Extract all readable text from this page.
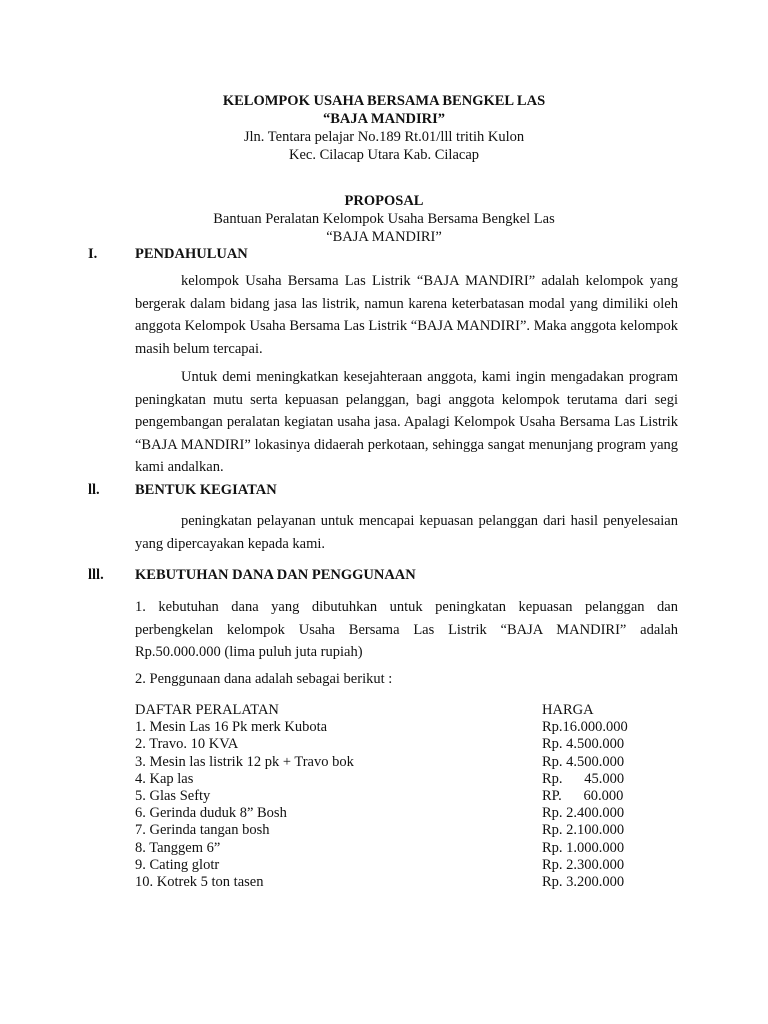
KELOMPOK USAHA BERSAMA BENGKEL LAS
“BAJA MANDIRI”
Jln. Tentara pelajar No.189 Rt.01/lll tritih Kulon
Kec. Cilacap Utara Kab. Cilacap
PROPOSAL
Bantuan Peralatan Kelompok Usaha Bersama Bengkel Las
“BAJA MANDIRI”
I.	PENDAHULUAN

kelompok Usaha Bersama Las Listrik “BAJA MANDIRI” adalah kelompok yang bergerak dalam bidang jasa las listrik, namun karena keterbatasan modal yang dimiliki oleh anggota Kelompok Usaha Bersama Las Listrik “BAJA MANDIRI”. Maka anggota kelompok masih belum tercapai.

Untuk demi meningkatkan kesejahteraan anggota, kami ingin mengadakan program peningkatan mutu serta kepuasan pelanggan, bagi anggota kelompok terutama dari segi pengembangan peralatan kegiatan usaha jasa. Apalagi Kelompok Usaha Bersama Las Listrik “BAJA MANDIRI” lokasinya didaerah perkotaan, sehingga sangat menunjang program yang kami andalkan.

ll. BENTUK KEGIATAN

peningkatan pelayanan untuk mencapai kepuasan pelanggan dari hasil penyelesaian yang dipercayakan kepada kami.

lll. KEBUTUHAN DANA DAN PENGGUNAAN

1. kebutuhan dana yang dibutuhkan untuk peningkatan kepuasan pelanggan dan perbengkelan kelompok Usaha Bersama Las Listrik “BAJA MANDIRI” adalah Rp.50.000.000 (lima puluh juta rupiah)

2. Penggunaan dana adalah sebagai berikut :

DAFTAR PERALATAN	HARGA
1. Mesin Las 16 Pk merk Kubota	Rp.16.000.000
2. Travo. 10 KVA	Rp. 4.500.000
3. Mesin las listrik 12 pk + Travo bok	Rp. 4.500.000
4. Kap las	Rp.      45.000
5. Glas Sefty	RP.      60.000
6. Gerinda duduk 8” Bosh	Rp. 2.400.000
7. Gerinda tangan bosh	Rp. 2.100.000
8. Tanggem 6”	Rp. 1.000.000
9. Cating glotr	Rp. 2.300.000
10. Kotrek 5 ton tasen	Rp. 3.200.000
